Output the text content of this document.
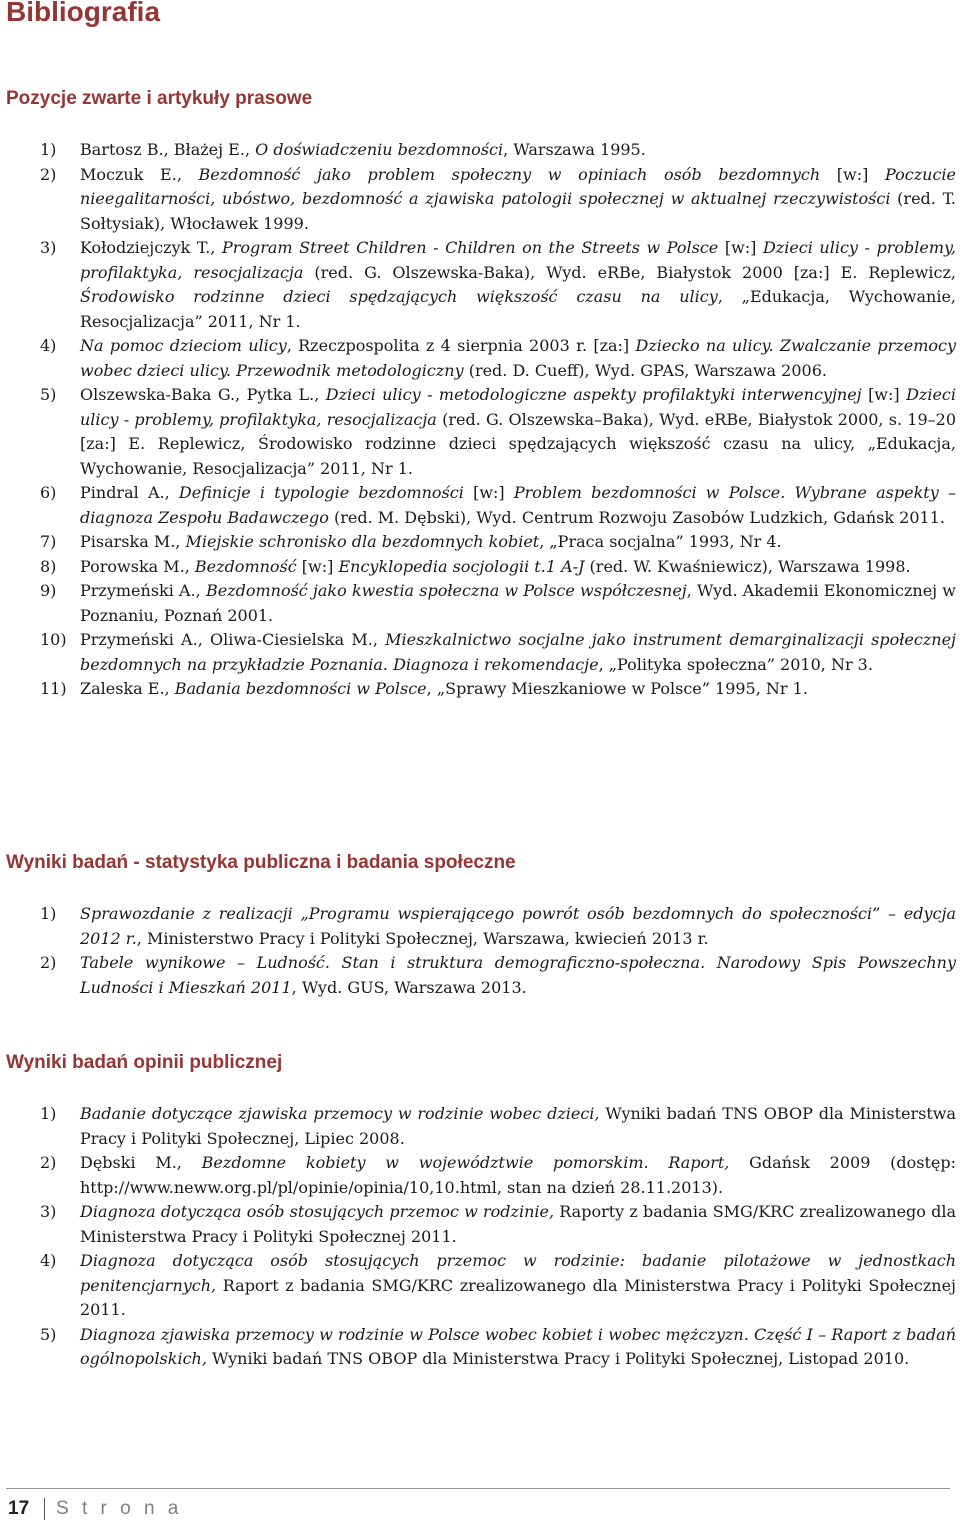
Bibliografia
Pozycje zwarte i artykuły prasowe
1) Bartosz B., Błażej E., O doświadczeniu bezdomności, Warszawa 1995.
2) Moczuk E., Bezdomność jako problem społeczny w opiniach osób bezdomnych [w:] Poczucie nieegalitarności, ubóstwo, bezdomność a zjawiska patologii społecznej w aktualnej rzeczywistości (red. T. Sołtysiak), Włocławek 1999.
3) Kołodziejczyk T., Program Street Children - Children on the Streets w Polsce [w:] Dzieci ulicy - problemy, profilaktyka, resocjalizacja (red. G. Olszewska-Baka), Wyd. eRBe, Białystok 2000 [za:] E. Replewicz, Środowisko rodzinne dzieci spędzających większość czasu na ulicy, „Edukacja, Wychowanie, Resocjalizacja” 2011, Nr 1.
4) Na pomoc dzieciom ulicy, Rzeczpospolita z 4 sierpnia 2003 r. [za:] Dziecko na ulicy. Zwalczanie przemocy wobec dzieci ulicy. Przewodnik metodologiczny (red. D. Cueff), Wyd. GPAS, Warszawa 2006.
5) Olszewska-Baka G., Pytka L., Dzieci ulicy - metodologiczne aspekty profilaktyki interwencyjnej [w:] Dzieci ulicy - problemy, profilaktyka, resocjalizacja (red. G. Olszewska–Baka), Wyd. eRBe, Białystok 2000, s. 19–20 [za:] E. Replewicz, Środowisko rodzinne dzieci spędzających większość czasu na ulicy, „Edukacja, Wychowanie, Resocjalizacja” 2011, Nr 1.
6) Pindral A., Definicje i typologie bezdomności [w:] Problem bezdomności w Polsce. Wybrane aspekty – diagnoza Zespołu Badawczego (red. M. Dębski), Wyd. Centrum Rozwoju Zasobów Ludzkich, Gdańsk 2011.
7) Pisarska M., Miejskie schronisko dla bezdomnych kobiet, „Praca socjalna” 1993, Nr 4.
8) Porowska M., Bezdomność [w:] Encyklopedia socjologii t.1 A-J (red. W. Kwaśniewicz), Warszawa 1998.
9) Przymeński A., Bezdomność jako kwestia społeczna w Polsce współczesnej, Wyd. Akademii Ekonomicznej w Poznaniu, Poznań 2001.
10) Przymeński A., Oliwa-Ciesielska M., Mieszkalnictwo socjalne jako instrument demarginalizacji społecznej bezdomnych na przykładzie Poznania. Diagnoza i rekomendacje, „Polityka społeczna” 2010, Nr 3.
11) Zaleska E., Badania bezdomności w Polsce, „Sprawy Mieszkaniowe w Polsce” 1995, Nr 1.
Wyniki badań - statystyka publiczna i badania społeczne
1) Sprawozdanie z realizacji „Programu wspierającego powrót osób bezdomnych do społeczności” – edycja 2012 r., Ministerstwo Pracy i Polityki Społecznej, Warszawa, kwiecień 2013 r.
2) Tabele wynikowe – Ludność. Stan i struktura demograficzno-społeczna. Narodowy Spis Powszechny Ludności i Mieszkań 2011, Wyd. GUS, Warszawa 2013.
Wyniki badań opinii publicznej
1) Badanie dotyczące zjawiska przemocy w rodzinie wobec dzieci, Wyniki badań TNS OBOP dla Ministerstwa Pracy i Polityki Społecznej, Lipiec 2008.
2) Dębski M., Bezdomne kobiety w województwie pomorskim. Raport, Gdańsk 2009 (dostęp: http://www.neww.org.pl/pl/opinie/opinia/10,10.html, stan na dzień 28.11.2013).
3) Diagnoza dotycząca osób stosujących przemoc w rodzinie, Raporty z badania SMG/KRC zrealizowanego dla Ministerstwa Pracy i Polityki Społecznej 2011.
4) Diagnoza dotycząca osób stosujących przemoc w rodzinie: badanie pilotażowe w jednostkach penitencjarnych, Raport z badania SMG/KRC zrealizowanego dla Ministerstwa Pracy i Polityki Społecznej 2011.
5) Diagnoza zjawiska przemocy w rodzinie w Polsce wobec kobiet i wobec mężczyzn. Część I – Raport z badań ogólnopolskich, Wyniki badań TNS OBOP dla Ministerstwa Pracy i Polityki Społecznej, Listopad 2010.
17 S t r o n a
